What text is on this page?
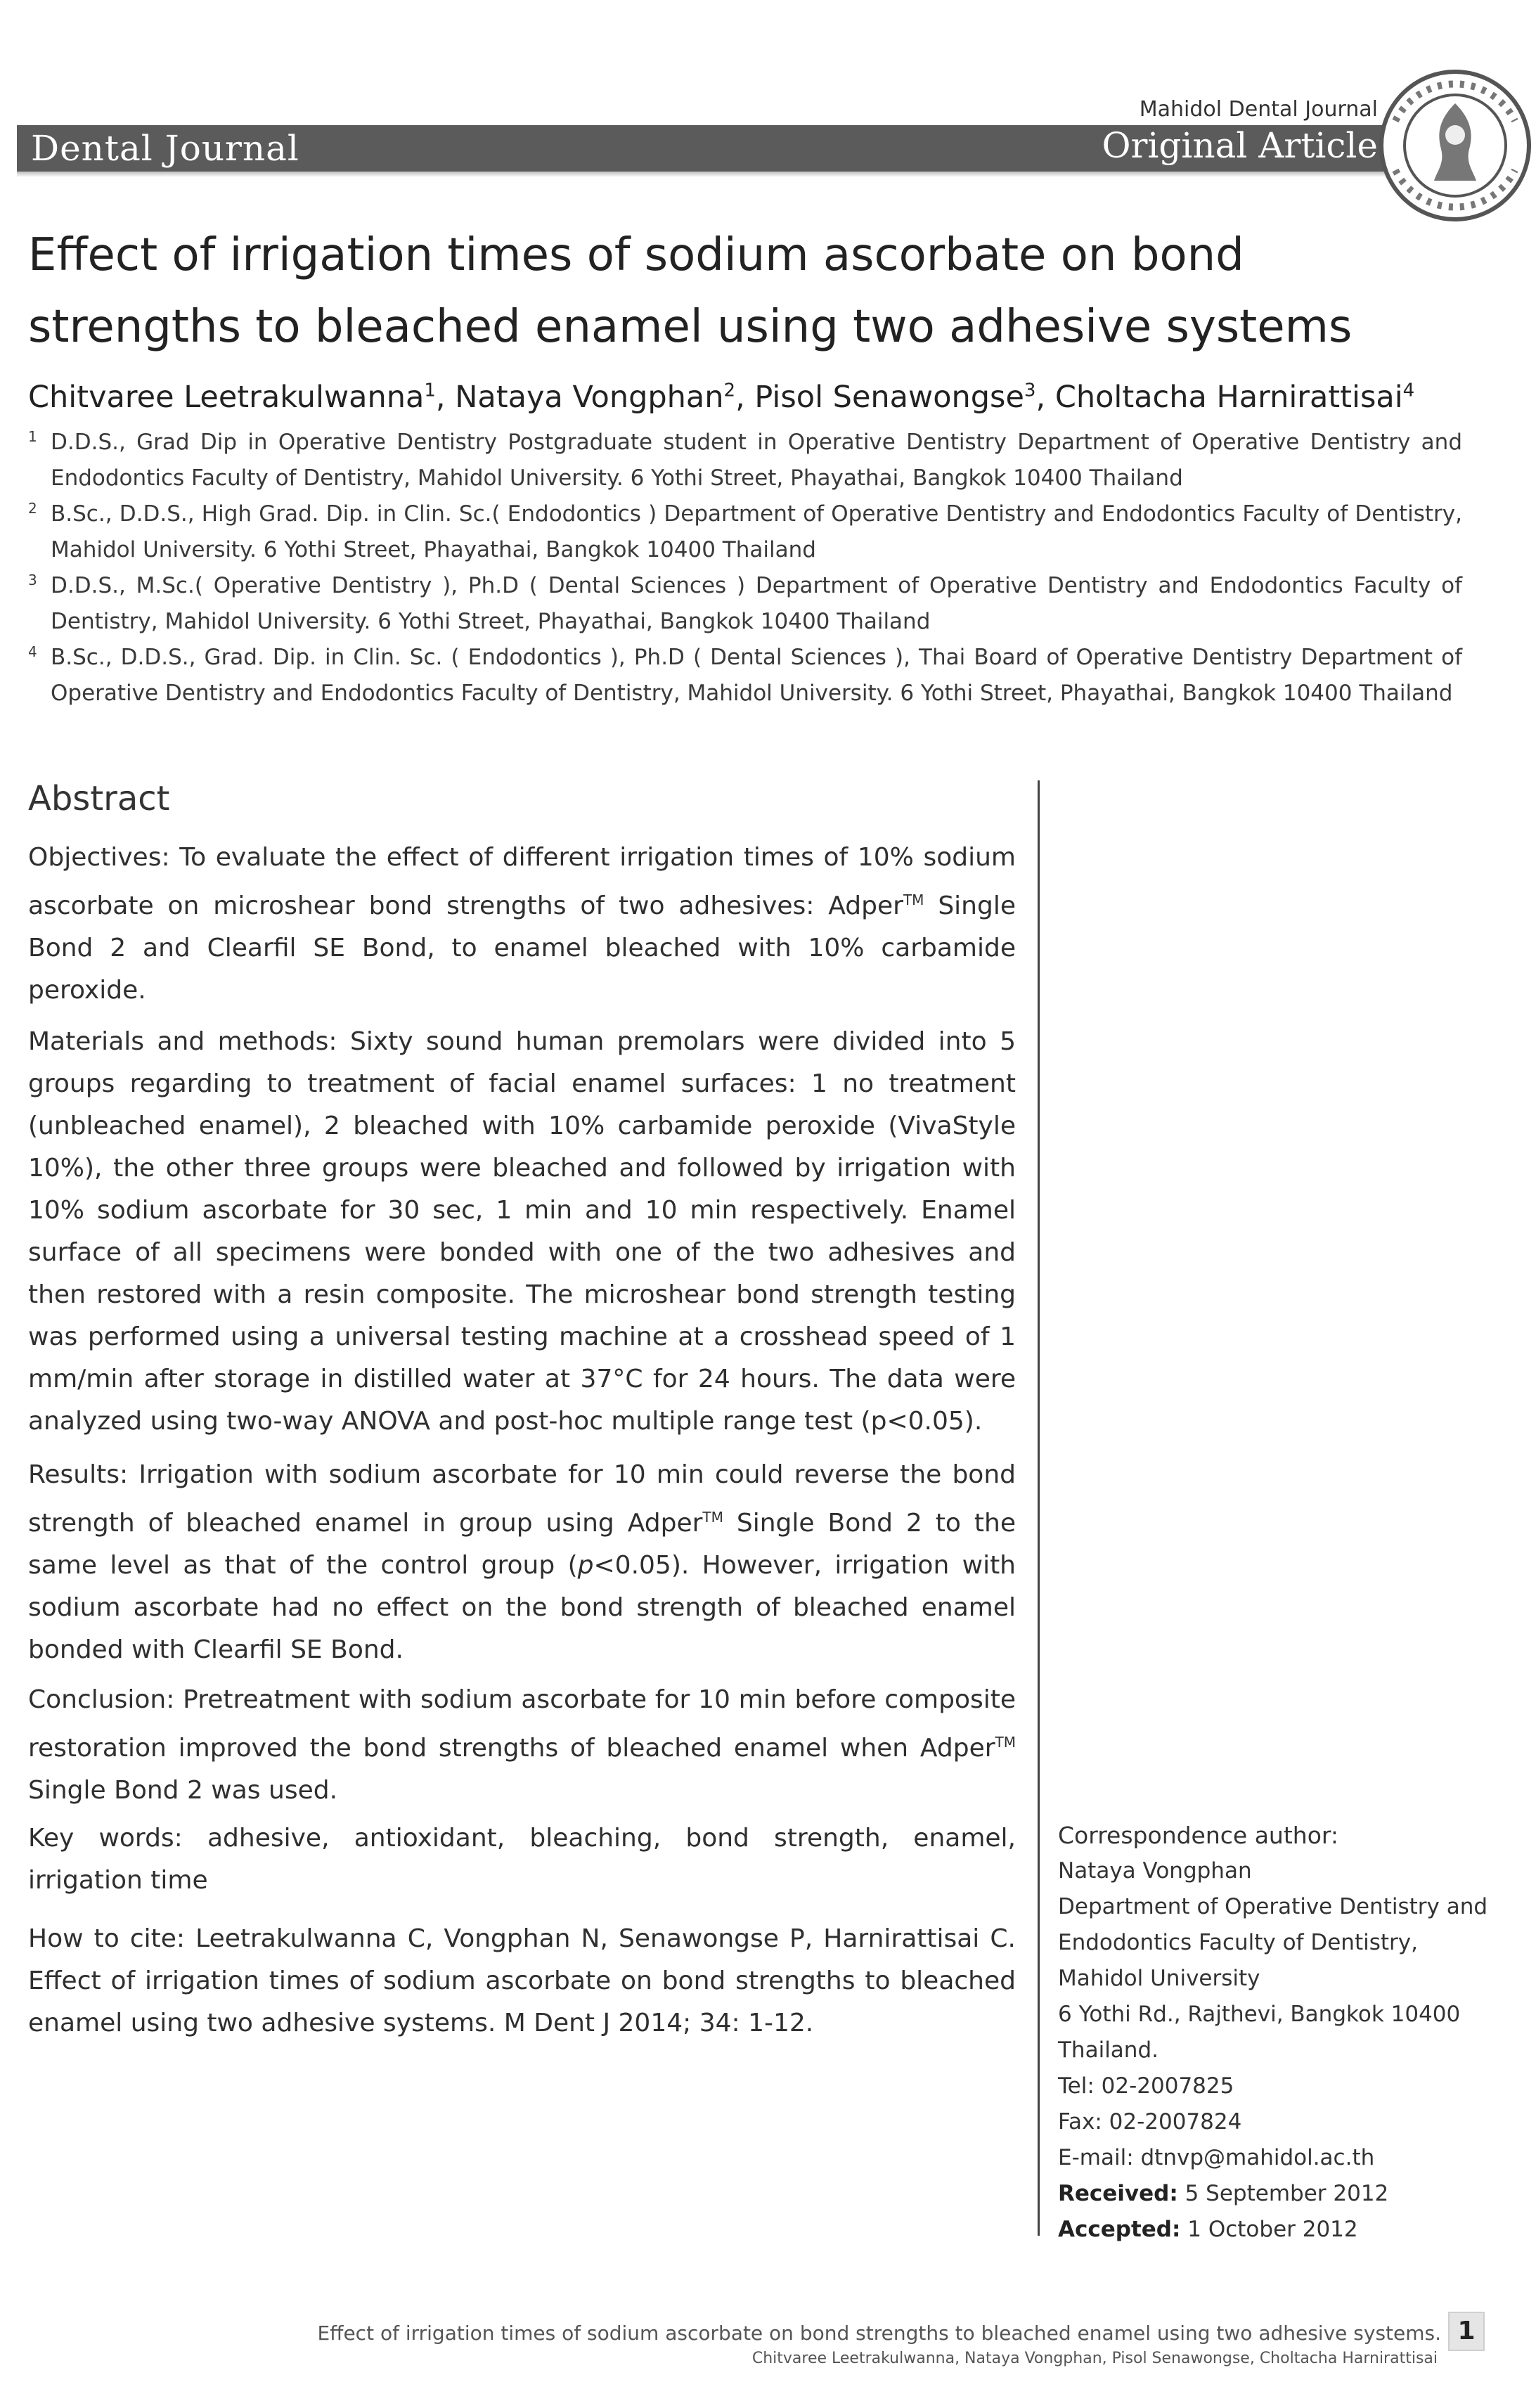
Mahidol Dental Journal
Dental Journal	Original Article
Effect of irrigation times of sodium ascorbate on bond
strengths to bleached enamel using two adhesive systems
Chitvaree Leetrakulwanna$^1$, Nataya Vongphan$^2$, Pisol Senawongse$^3$, Choltacha Harnirattisai$^4$
1 D.D.S., Grad Dip in Operative Dentistry Postgraduate student in Operative Dentistry Department of Operative Dentistry and Endodontics Faculty of Dentistry, Mahidol University. 6 Yothi Street, Phayathai, Bangkok 10400 Thailand
2 B.Sc., D.D.S., High Grad. Dip. in Clin. Sc.( Endodontics ) Department of Operative Dentistry and Endodontics Faculty of Dentistry, Mahidol University. 6 Yothi Street, Phayathai, Bangkok 10400 Thailand
3 D.D.S., M.Sc.( Operative Dentistry ), Ph.D ( Dental Sciences ) Department of Operative Dentistry and Endodontics Faculty of Dentistry, Mahidol University. 6 Yothi Street, Phayathai, Bangkok 10400 Thailand
4 B.Sc., D.D.S., Grad. Dip. in Clin. Sc. ( Endodontics ), Ph.D ( Dental Sciences ), Thai Board of Operative Dentistry Department of Operative Dentistry and Endodontics Faculty of Dentistry, Mahidol University. 6 Yothi Street, Phayathai, Bangkok 10400 Thailand
Abstract

Objectives: To evaluate the effect of different irrigation times of 10% sodium ascorbate on microshear bond strengths of two adhesives: Adper™ Single Bond 2 and Clearfil SE Bond, to enamel bleached with 10% carbamide peroxide.

Materials and methods: Sixty sound human premolars were divided into 5 groups regarding to treatment of facial enamel surfaces: 1 no treatment (unbleached enamel), 2 bleached with 10% carbamide peroxide (VivaStyle 10%), the other three groups were bleached and followed by irrigation with 10% sodium ascorbate for 30 sec, 1 min and 10 min respectively. Enamel surface of all specimens were bonded with one of the two adhesives and then restored with a resin composite. The microshear bond strength testing was performed using a universal testing machine at a crosshead speed of 1 mm/min after storage in distilled water at 37°C for 24 hours. The data were analyzed using two-way ANOVA and post-hoc multiple range test (p<0.05).

Results: Irrigation with sodium ascorbate for 10 min could reverse the bond strength of bleached enamel in group using Adper™ Single Bond 2 to the same level as that of the control group (p<0.05). However, irrigation with sodium ascorbate had no effect on the bond strength of bleached enamel bonded with Clearfil SE Bond.

Conclusion: Pretreatment with sodium ascorbate for 10 min before composite restoration improved the bond strengths of bleached enamel when Adper™ Single Bond 2 was used.

Key words: adhesive, antioxidant, bleaching, bond strength, enamel, irrigation time

How to cite: Leetrakulwanna C, Vongphan N, Senawongse P, Harnirattisai C. Effect of irrigation times of sodium ascorbate on bond strengths to bleached enamel using two adhesive systems. M Dent J 2014; 34: 1-12.

Correspondence author:
Nataya Vongphan
Department of Operative Dentistry and
Endodontics Faculty of Dentistry,
Mahidol University
6 Yothi Rd., Rajthevi, Bangkok 10400
Thailand.
Tel: 02-2007825
Fax: 02-2007824
E-mail: dtnvp@mahidol.ac.th
Received: 5 September 2012
Accepted: 1 October 2012
Effect of irrigation times of sodium ascorbate on bond strengths to bleached enamel using two adhesive systems.
Chitvaree Leetrakulwanna, Nataya Vongphan, Pisol Senawongse, Choltacha Harnirattisai
1
